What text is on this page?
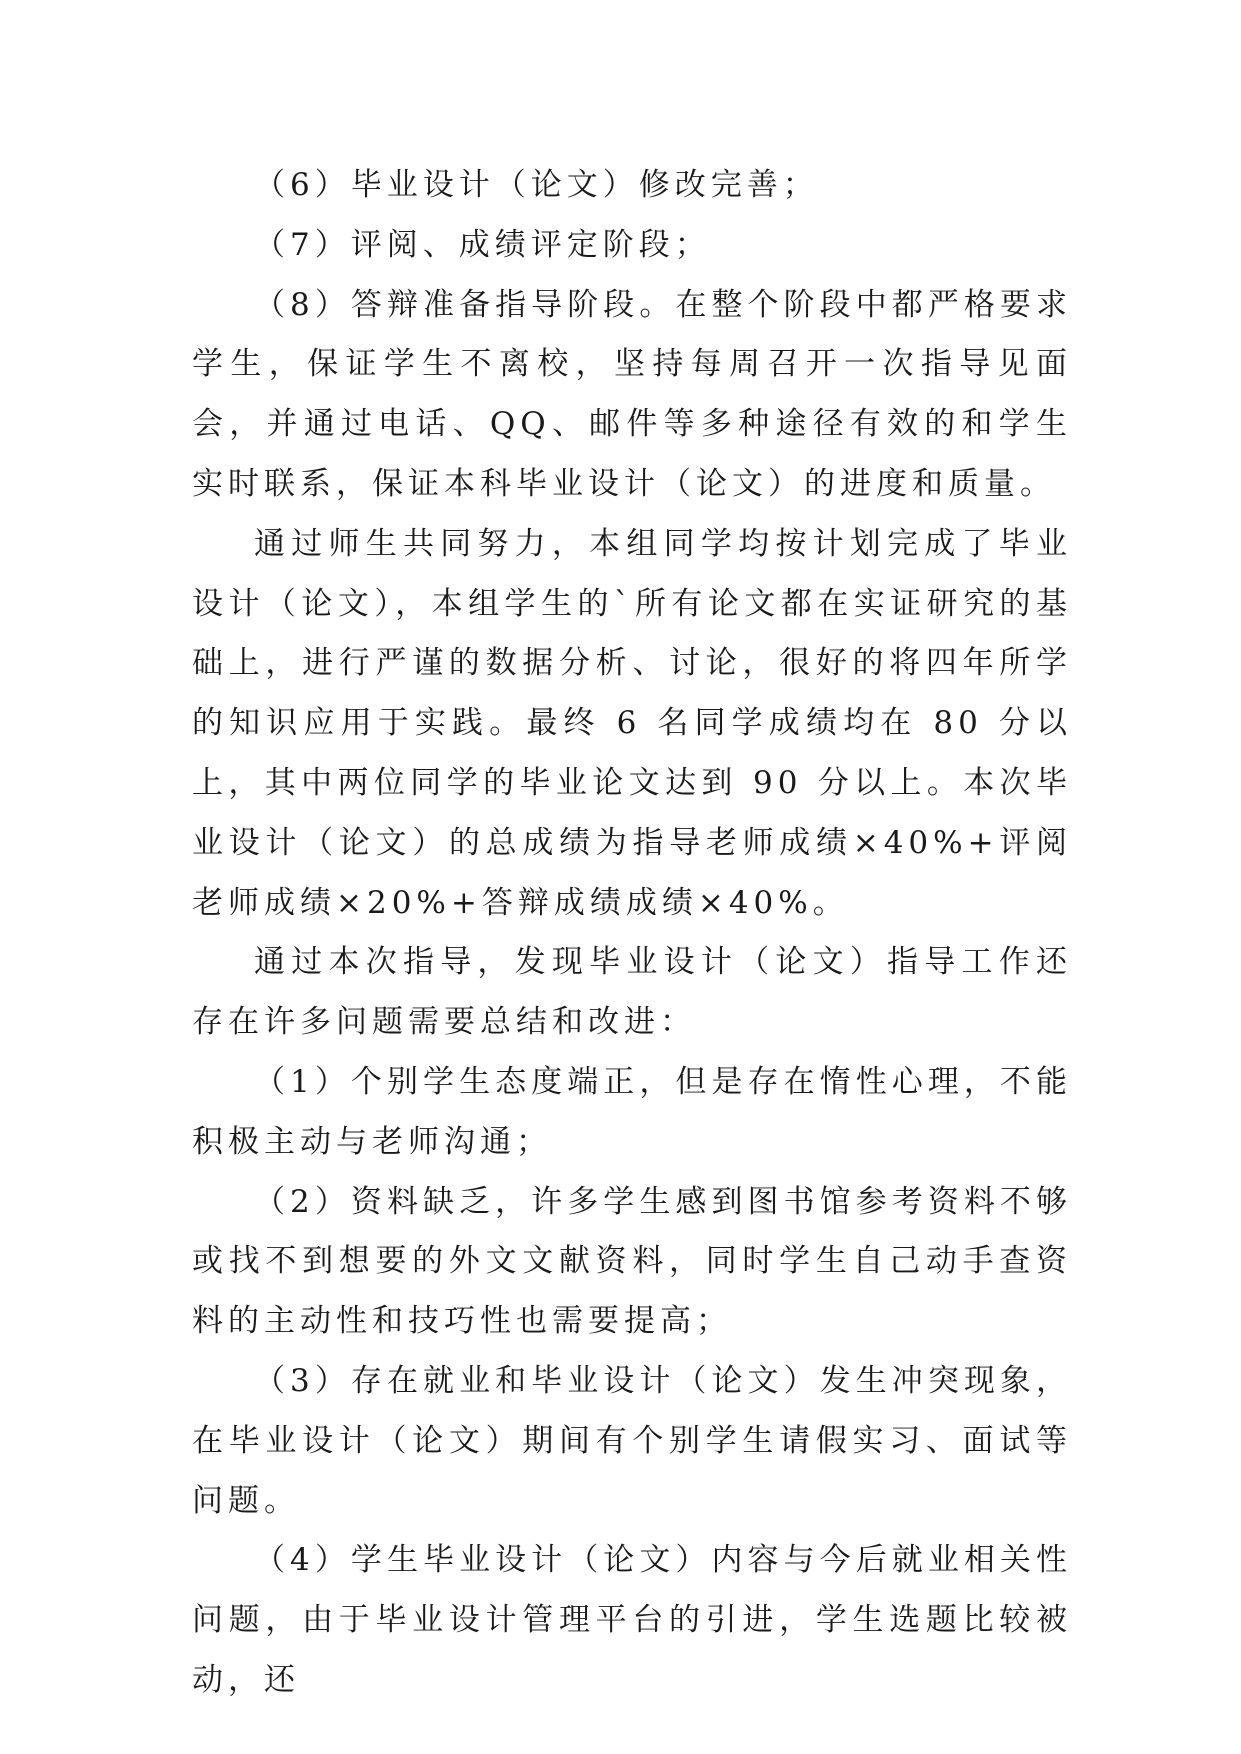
（6）毕业设计（论文）修改完善；

（7）评阅、成绩评定阶段；

（8）答辩准备指导阶段。在整个阶段中都严格要求学生，保证学生不离校，坚持每周召开一次指导见面会，并通过电话、QQ、邮件等多种途径有效的和学生实时联系，保证本科毕业设计（论文）的进度和质量。

通过师生共同努力，本组同学均按计划完成了毕业设计（论文），本组学生的`所有论文都在实证研究的基础上，进行严谨的数据分析、讨论，很好的将四年所学的知识应用于实践。最终 6 名同学成绩均在 80 分以上，其中两位同学的毕业论文达到 90 分以上。本次毕业设计（论文）的总成绩为指导老师成绩×40%+评阅老师成绩×20%+答辩成绩成绩×40%。

通过本次指导，发现毕业设计（论文）指导工作还存在许多问题需要总结和改进：

（1）个别学生态度端正，但是存在惰性心理，不能积极主动与老师沟通；

（2）资料缺乏，许多学生感到图书馆参考资料不够或找不到想要的外文文献资料，同时学生自己动手查资料的主动性和技巧性也需要提高；

（3）存在就业和毕业设计（论文）发生冲突现象，在毕业设计（论文）期间有个别学生请假实习、面试等问题。

（4）学生毕业设计（论文）内容与今后就业相关性问题，由于毕业设计管理平台的引进，学生选题比较被动，还
